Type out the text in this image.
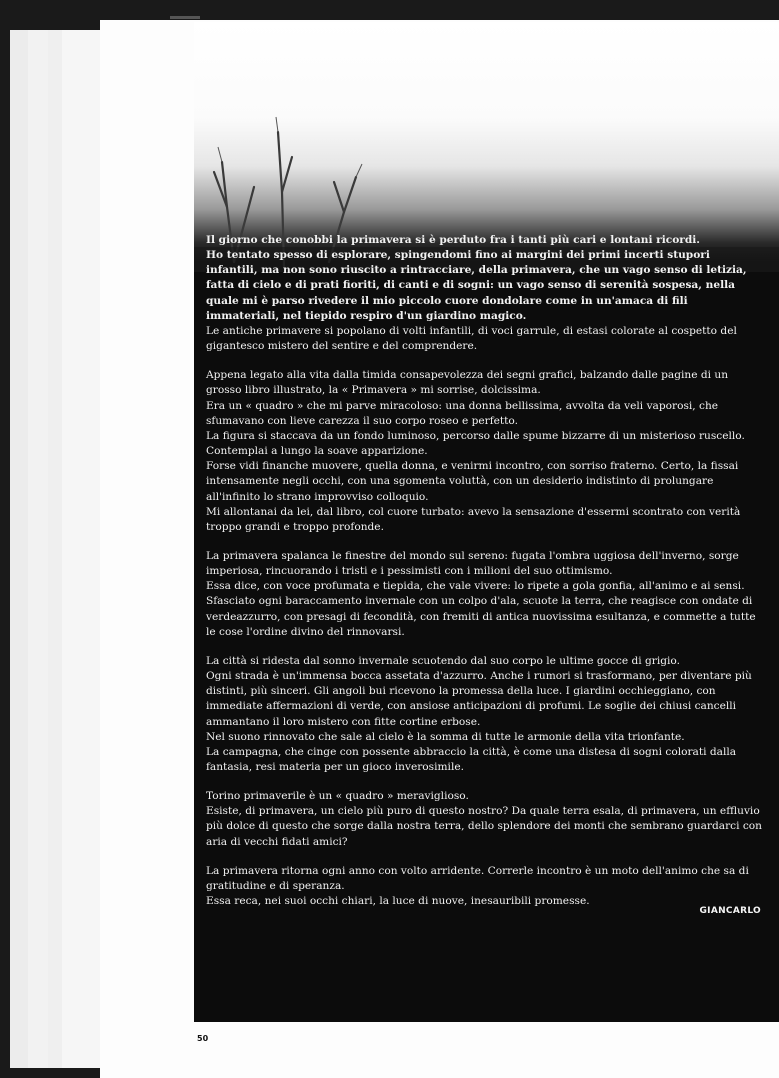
Il giorno che conobbi la primavera si è perduto fra i tanti più cari e lontani ricordi.

Ho tentato spesso di esplorare, spingendomi fino ai margini dei primi incerti stupori infantili, ma non sono riuscito a rintracciare, della primavera, che un vago senso di letizia, fatta di cielo e di prati fioriti, di canti e di sogni: un vago senso di serenità sospesa, nella quale mi è parso rivedere il mio piccolo cuore dondolare come in un'amaca di fili immateriali, nel tiepido respiro d'un giardino magico.

Le antiche primavere si popolano di volti infantili, di voci garrule, di estasi colorate al cospetto del gigantesco mistero del sentire e del comprendere.

Appena legato alla vita dalla timida consapevolezza dei segni grafici, balzando dalle pagine di un grosso libro illustrato, la « Primavera » mi sorrise, dolcissima.

Era un « quadro » che mi parve miracoloso: una donna bellissima, avvolta da veli vaporosi, che sfumavano con lieve carezza il suo corpo roseo e perfetto.

La figura si staccava da un fondo luminoso, percorso dalle spume bizzarre di un misterioso ruscello. Contemplai a lungo la soave apparizione.

Forse vidi finanche muovere, quella donna, e venirmi incontro, con sorriso fraterno. Certo, la fissai intensamente negli occhi, con una sgomenta voluttà, con un desiderio indistinto di prolungare all'infinito lo strano improvviso colloquio.

Mi allontanai da lei, dal libro, col cuore turbato: avevo la sensazione d'essermi scontrato con verità troppo grandi e troppo profonde.

La primavera spalanca le finestre del mondo sul sereno: fugata l'ombra uggiosa dell'inverno, sorge imperiosa, rincuorando i tristi e i pessimisti con i milioni del suo ottimismo.

Essa dice, con voce profumata e tiepida, che vale vivere: lo ripete a gola gonfia, all'animo e ai sensi. Sfasciato ogni baraccamento invernale con un colpo d'ala, scuote la terra, che reagisce con ondate di verdeazzurro, con presagi di fecondità, con fremiti di antica nuovissima esultanza, e commette a tutte le cose l'ordine divino del rinnovarsi.

La città si ridesta dal sonno invernale scuotendo dal suo corpo le ultime gocce di grigio.

Ogni strada è un'immensa bocca assetata d'azzurro. Anche i rumori si trasformano, per diventare più distinti, più sinceri. Gli angoli bui ricevono la promessa della luce. I giardini occhieggiano, con immediate affermazioni di verde, con ansiose anticipazioni di profumi. Le soglie dei chiusi cancelli ammantano il loro mistero con fitte cortine erbose.

Nel suono rinnovato che sale al cielo è la somma di tutte le armonie della vita trionfante.

La campagna, che cinge con possente abbraccio la città, è come una distesa di sogni colorati dalla fantasia, resi materia per un gioco inverosimile.

Torino primaverile è un « quadro » meraviglioso.

Esiste, di primavera, un cielo più puro di questo nostro? Da quale terra esala, di primavera, un effluvio più dolce di questo che sorge dalla nostra terra, dello splendore dei monti che sembrano guardarci con aria di vecchi fidati amici?

La primavera ritorna ogni anno con volto arridente. Correrle incontro è un moto dell'animo che sa di gratitudine e di speranza.

Essa reca, nei suoi occhi chiari, la luce di nuove, inesauribili promesse.

GIANCARLO
50
